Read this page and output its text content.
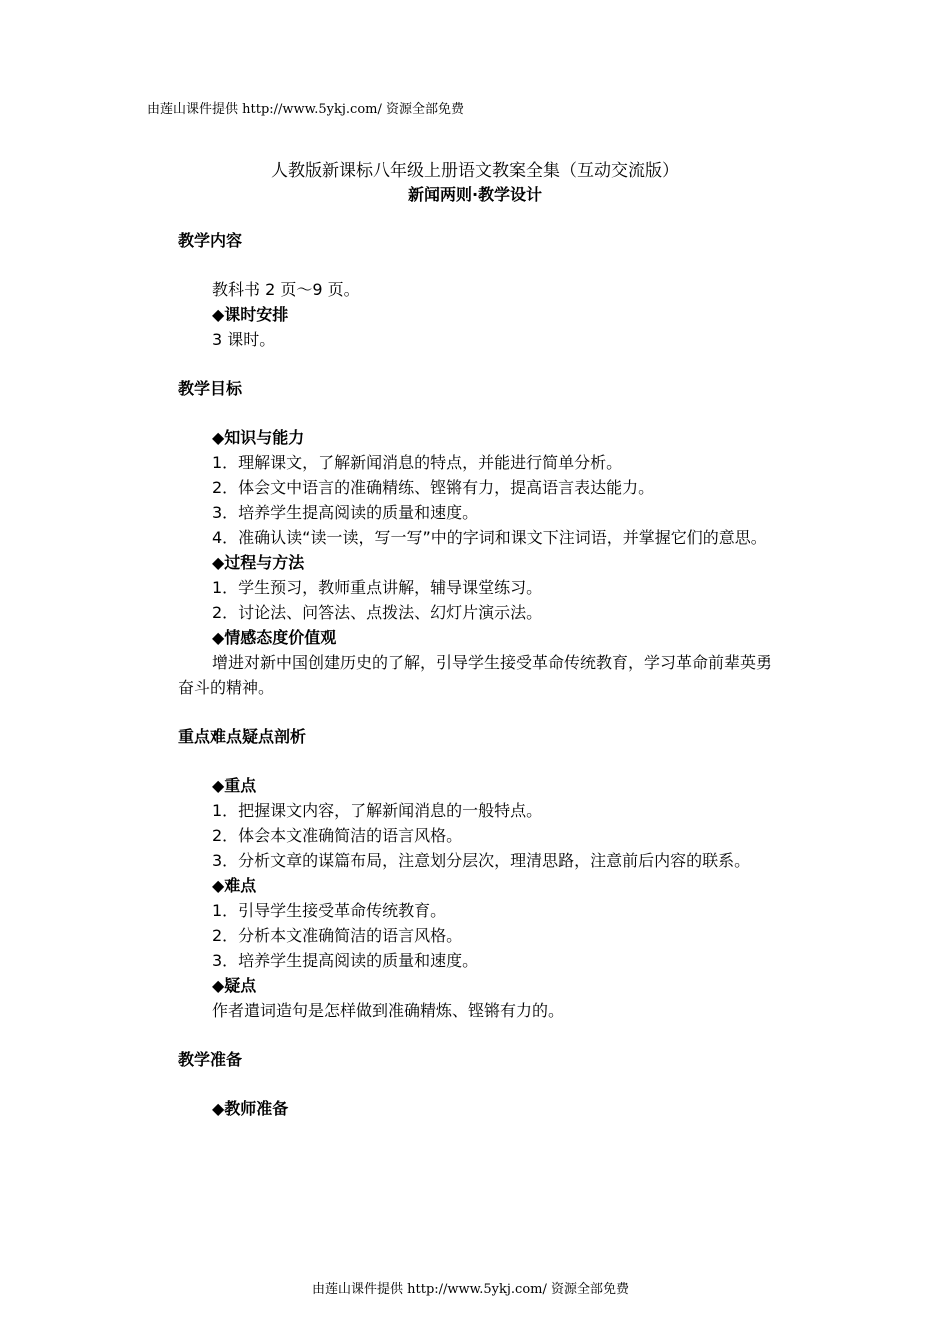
由莲山课件提供 http://www.5ykj.com/ 资源全部免费
人教版新课标八年级上册语文教案全集（互动交流版）
新闻两则·教学设计

教学内容

教科书 2 页～9 页。

◆课时安排

3 课时。

教学目标

◆知识与能力

1．理解课文，了解新闻消息的特点，并能进行简单分析。

2．体会文中语言的准确精练、铿锵有力，提高语言表达能力。

3．培养学生提高阅读的质量和速度。

4．准确认读“读一读，写一写”中的字词和课文下注词语，并掌握它们的意思。

◆过程与方法

1．学生预习，教师重点讲解，辅导课堂练习。

2．讨论法、问答法、点拨法、幻灯片演示法。

◆情感态度价值观

增进对新中国创建历史的了解，引导学生接受革命传统教育，学习革命前辈英勇奋斗的精神。

重点难点疑点剖析

◆重点

1．把握课文内容，了解新闻消息的一般特点。

2．体会本文准确简洁的语言风格。

3．分析文章的谋篇布局，注意划分层次，理清思路，注意前后内容的联系。

◆难点

1．引导学生接受革命传统教育。

2．分析本文准确简洁的语言风格。

3．培养学生提高阅读的质量和速度。

◆疑点

作者遣词造句是怎样做到准确精炼、铿锵有力的。

教学准备

◆教师准备

由莲山课件提供 http://www.5ykj.com/ 资源全部免费
